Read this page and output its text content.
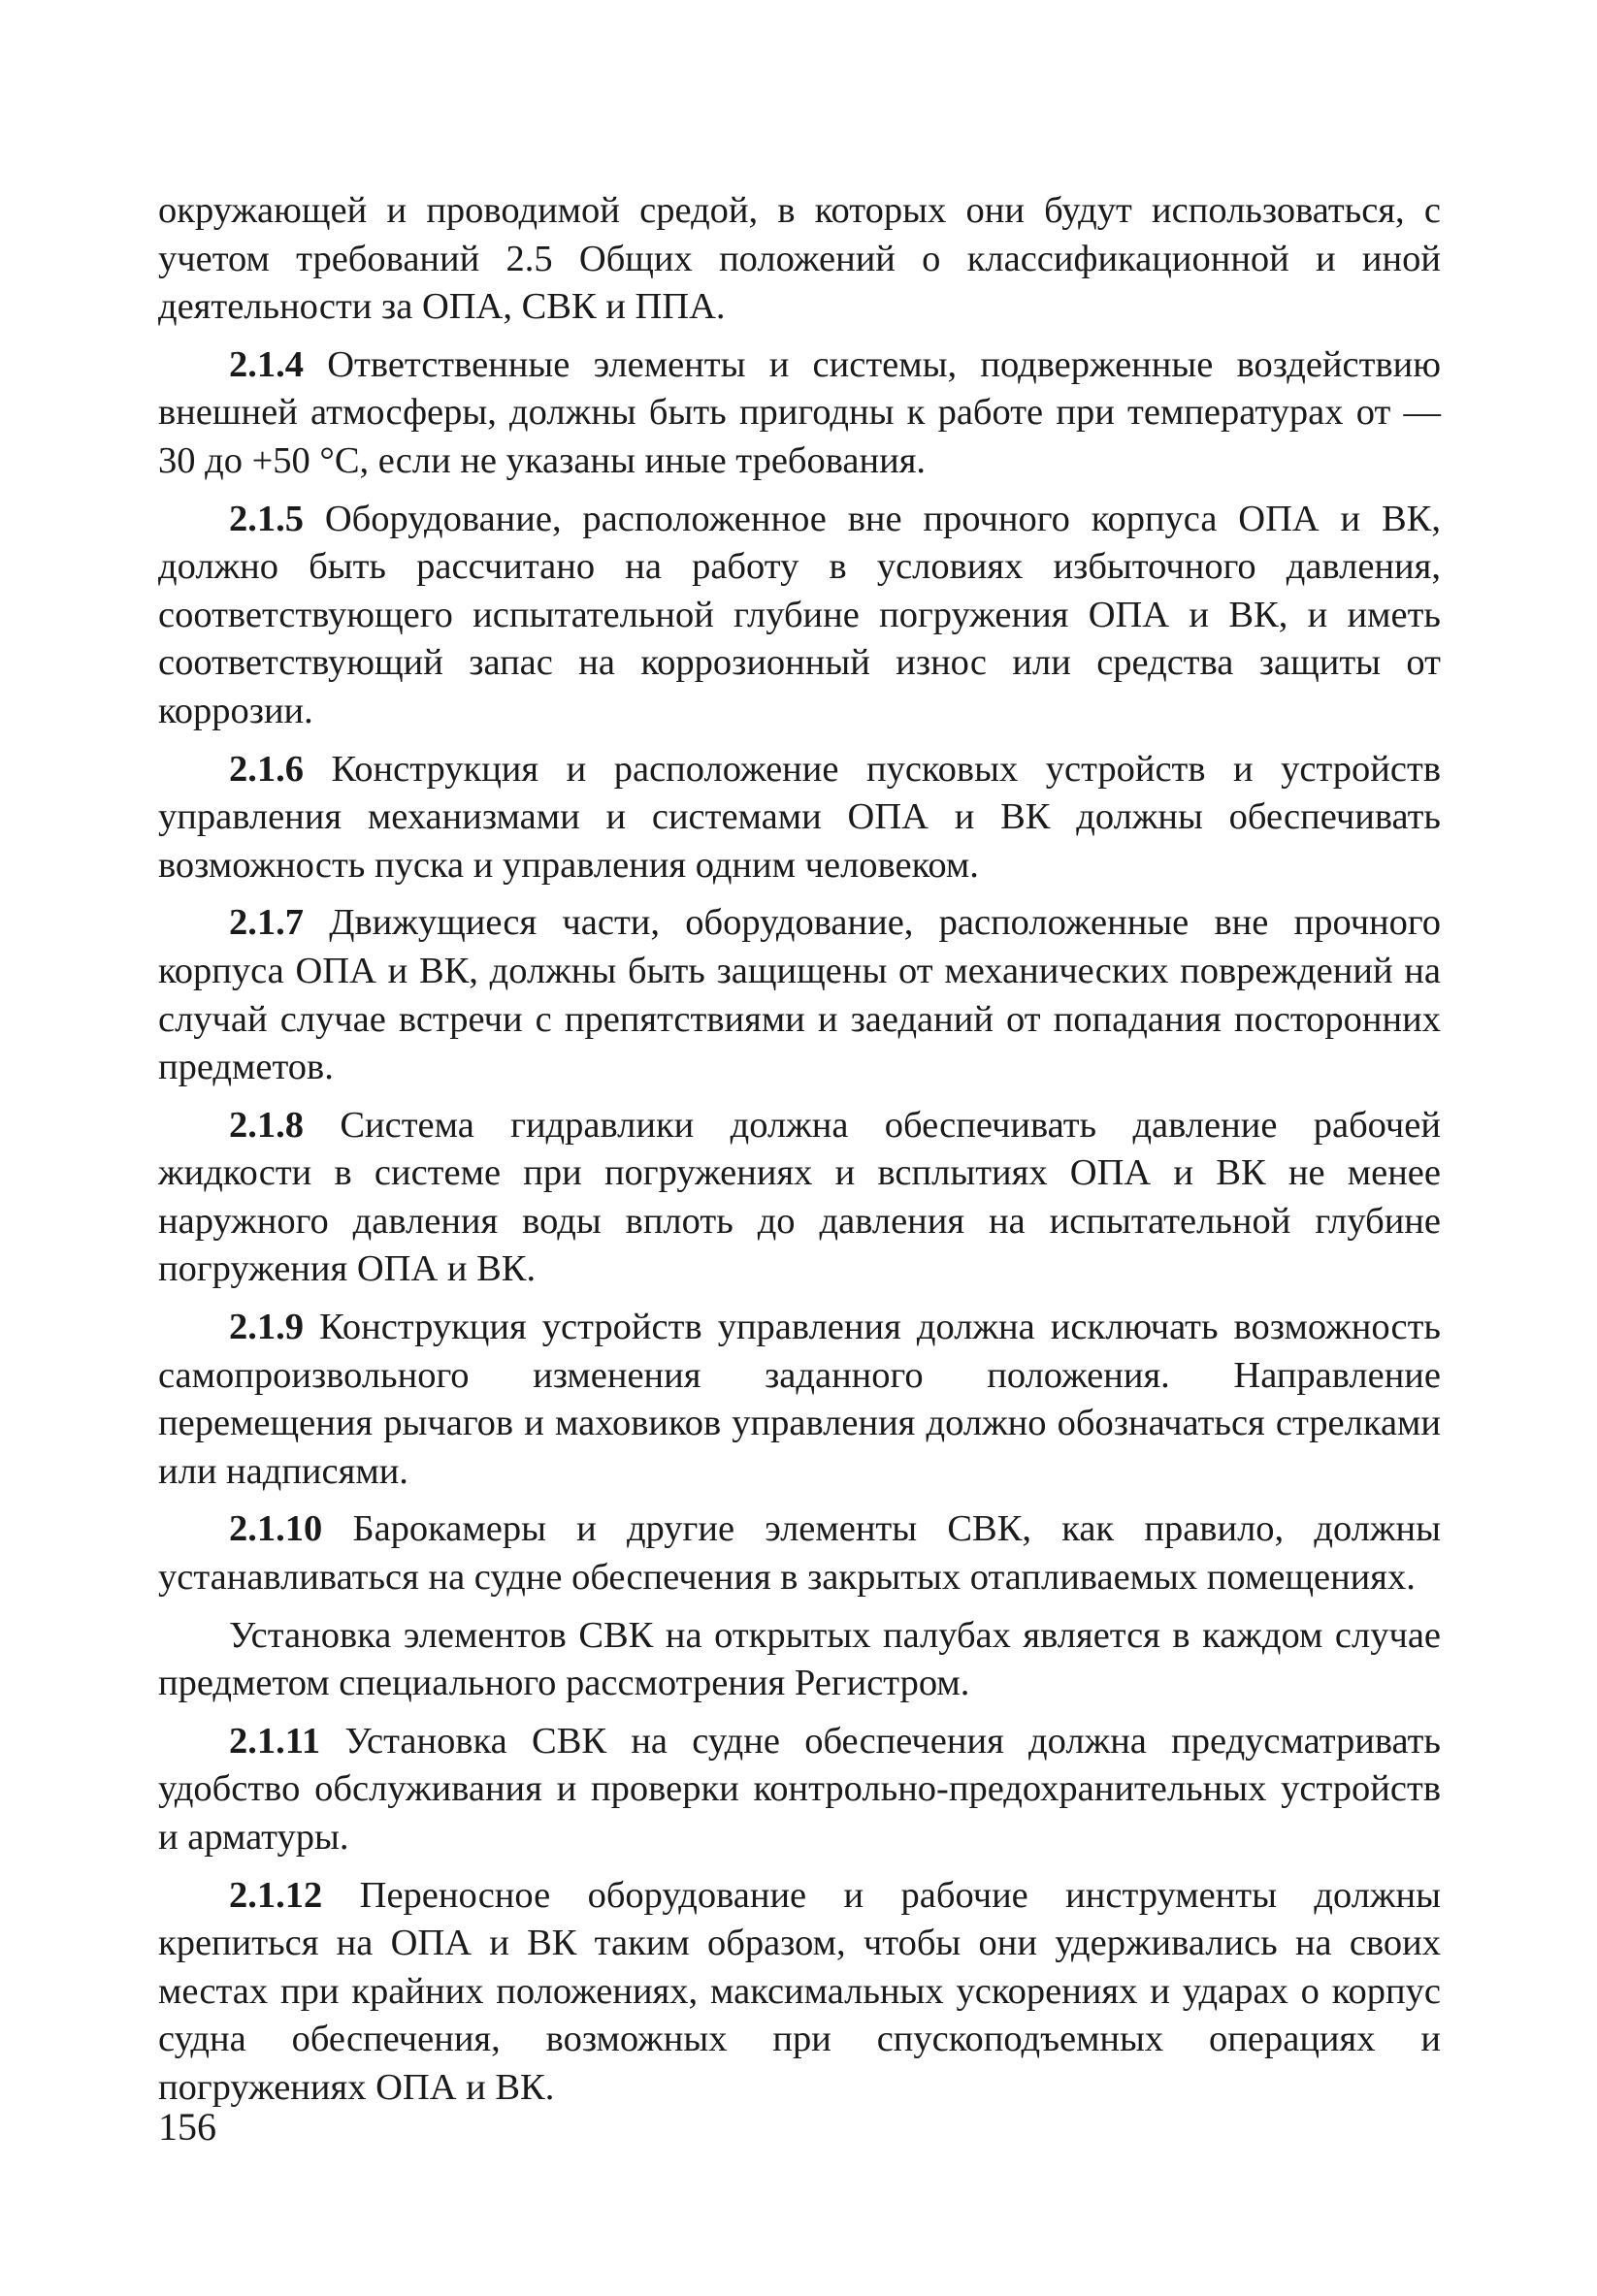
окружающей и проводимой средой, в которых они будут использоваться, с учетом требований 2.5 Общих положений о классификационной и иной деятельности за ОПА, СВК и ППА.

2.1.4 Ответственные элементы и системы, подверженные воздействию внешней атмосферы, должны быть пригодны к работе при температурах от — 30 до +50 °С, если не указаны иные требования.

2.1.5 Оборудование, расположенное вне прочного корпуса ОПА и ВК, должно быть рассчитано на работу в условиях избыточного давления, соответствующего испытательной глубине погружения ОПА и ВК, и иметь соответствующий запас на коррозионный износ или средства защиты от коррозии.

2.1.6 Конструкция и расположение пусковых устройств и устройств управления механизмами и системами ОПА и ВК должны обеспечивать возможность пуска и управления одним человеком.

2.1.7 Движущиеся части, оборудование, расположенные вне прочного корпуса ОПА и ВК, должны быть защищены от механических повреждений на случай случае встречи с препятствиями и заеданий от попадания посторонних предметов.

2.1.8 Система гидравлики должна обеспечивать давление рабочей жидкости в системе при погружениях и всплытиях ОПА и ВК не менее наружного давления воды вплоть до давления на испытательной глубине погружения ОПА и ВК.

2.1.9 Конструкция устройств управления должна исключать возможность самопроизвольного изменения заданного положения. Направление перемещения рычагов и маховиков управления должно обозначаться стрелками или надписями.

2.1.10 Барокамеры и другие элементы СВК, как правило, должны устанавливаться на судне обеспечения в закрытых отапливаемых помещениях.

Установка элементов СВК на открытых палубах является в каждом случае предметом специального рассмотрения Регистром.

2.1.11 Установка СВК на судне обеспечения должна предусматривать удобство обслуживания и проверки контрольно-предохранительных устройств и арматуры.

2.1.12 Переносное оборудование и рабочие инструменты должны крепиться на ОПА и ВК таким образом, чтобы они удерживались на своих местах при крайних положениях, максимальных ускорениях и ударах о корпус судна обеспечения, возможных при спускоподъемных операциях и погружениях ОПА и ВК.

156
